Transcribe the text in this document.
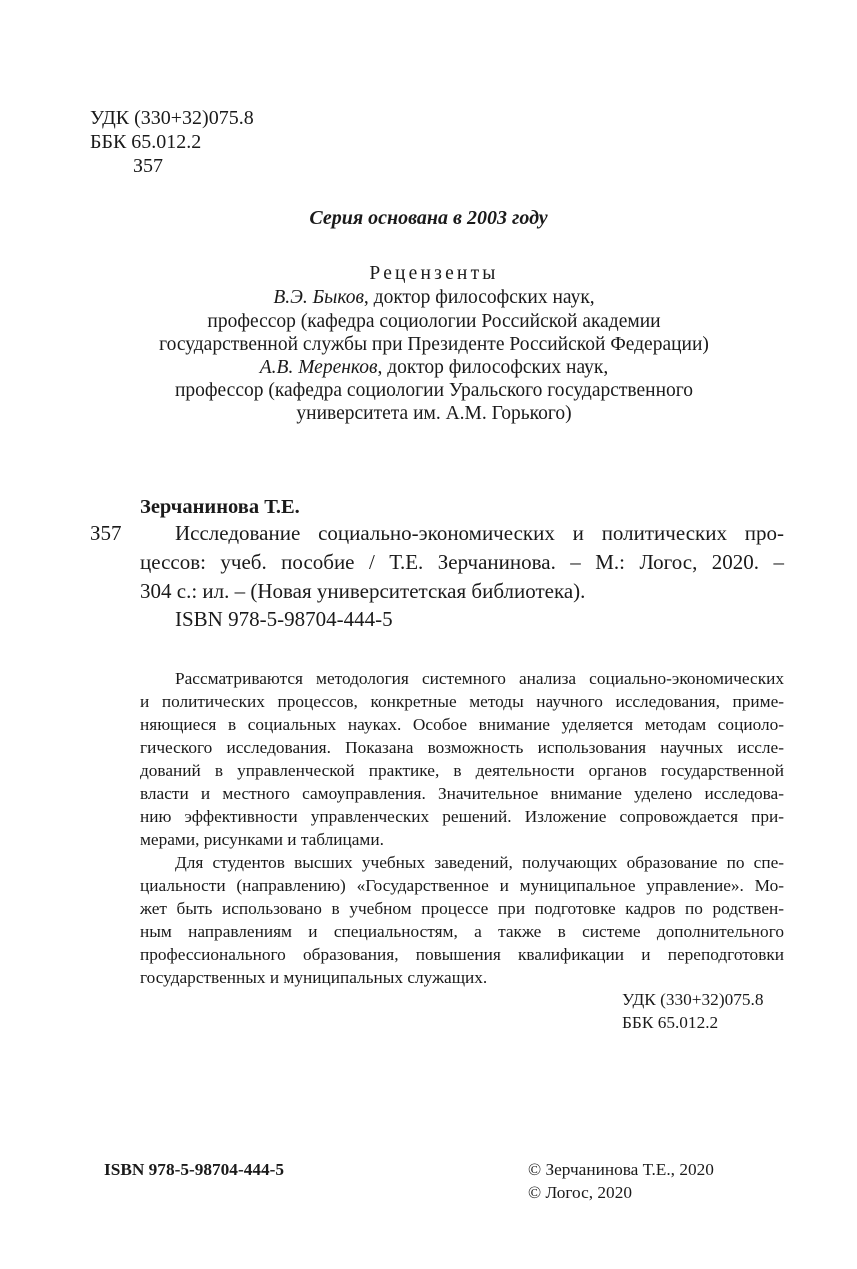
УДК (330+32)075.8
ББК 65.012.2
З57
Серия основана в 2003 году
Рецензенты
В.Э. Быков, доктор философских наук,
профессор (кафедра социологии Российской академии
государственной службы при Президенте Российской Федерации)
А.В. Меренков, доктор философских наук,
профессор (кафедра социологии Уральского государственного
университета им. А.М. Горького)
Зерчанинова Т.Е.
З57	Исследование социально-экономических и политических про-
цессов: учеб. пособие / Т.Е. Зерчанинова. – М.: Логос, 2020. –
304 с.: ил. – (Новая университетская библиотека).
ISBN 978-5-98704-444-5
Рассматриваются методология системного анализа социально-экономических
и политических процессов, конкретные методы научного исследования, приме-
няющиеся в социальных науках. Особое внимание уделяется методам социоло-
гического исследования. Показана возможность использования научных иссле-
дований в управленческой практике, в деятельности органов государственной
власти и местного самоуправления. Значительное внимание уделено исследова-
нию эффективности управленческих решений. Изложение сопровождается при-
мерами, рисунками и таблицами.
Для студентов высших учебных заведений, получающих образование по спе-
циальности (направлению) «Государственное и муниципальное управление». Мо-
жет быть использовано в учебном процессе при подготовке кадров по родствен-
ным направлениям и специальностям, а также в системе дополнительного
профессионального образования, повышения квалификации и переподготовки
государственных и муниципальных служащих.
УДК (330+32)075.8
ББК 65.012.2
ISBN 978-5-98704-444-5	© Зерчанинова Т.Е., 2020
© Логос, 2020
